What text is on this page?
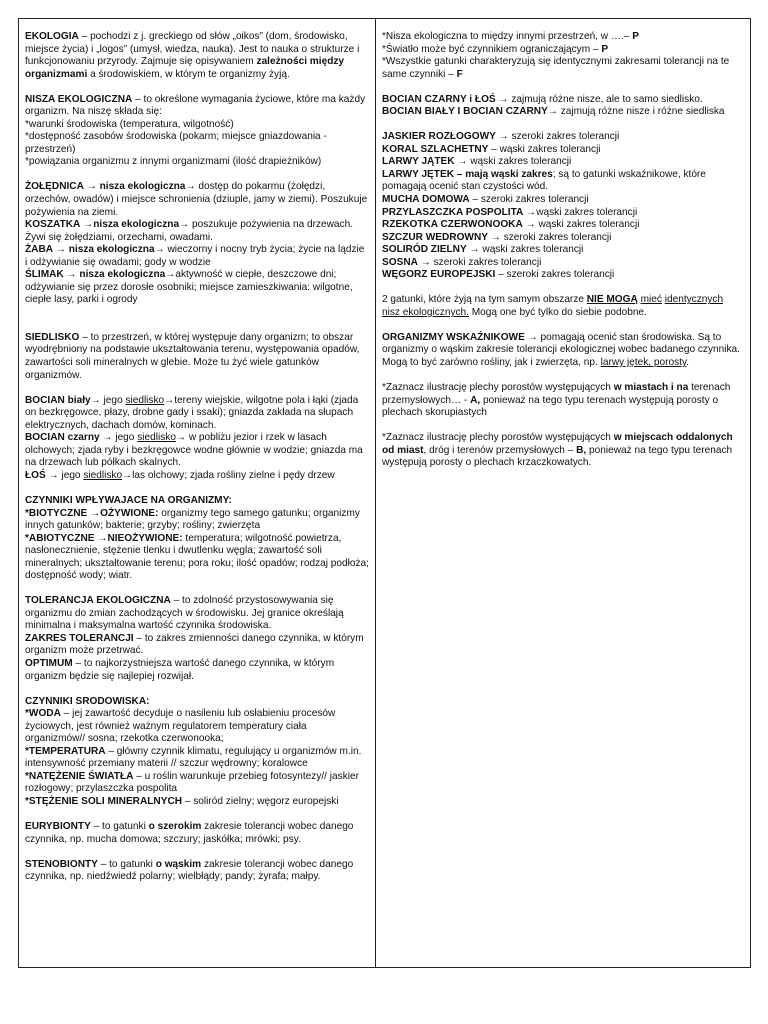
EKOLOGIA – pochodzi z j. greckiego od słów „oikos” (dom, środowisko, miejsce życia) i „logos” (umysł, wiedza, nauka). Jest to nauka o strukturze i funkcjonowaniu przyrody. Zajmuje się opisywaniem zależności między organizmami a środowiskiem, w którym te organizmy żyją.

NISZA EKOLOGICZNA – to określone wymagania życiowe, które ma każdy organizm. Na niszę składa się:

*warunki środowiska (temperatura, wilgotność)

*dostępność zasobów środowiska (pokarm; miejsce gniazdowania - przestrzeń)

*powiązania organizmu z innymi organizmami (ilość drapieżników)

ŻOŁĘDNICA → nisza ekologiczna→ dostęp do pokarmu (żołędzi, orzechów, owadów) i miejsce schronienia (dziuple, jamy w ziemi). Poszukuje pożywienia na ziemi.

KOSZATKA →nisza ekologiczna→ poszukuje pożywienia na drzewach. Żywi się żołędziami, orzechami, owadami.

ŻABA → nisza ekologiczna→ wieczorny i nocny tryb życia; życie na lądzie i odżywianie się owadami; gody w wodzie

ŚLIMAK → nisza ekologiczna→aktywność w ciepłe, deszczowe dni; odżywianie się przez dorosłe osobniki; miejsce zamieszkiwania: wilgotne, ciepłe lasy, parki i ogrody

SIEDLISKO – to przestrzeń, w której występuje dany organizm; to obszar wyodrębniony na podstawie ukształtowania terenu, występowania opadów, zawartości soli mineralnych w glebie. Może tu żyć wiele gatunków organizmów.

BOCIAN biały→ jego siedlisko→tereny wiejskie, wilgotne pola i łąki (zjada on bezkręgowce, płazy, drobne gady i ssaki); gniazda zakłada na słupach elektrycznych, dachach domów, kominach.

BOCIAN czarny → jego siedlisko→ w pobliżu jezior i rzek w lasach olchowych; zjada ryby i bezkręgowce wodne głównie w wodzie; gniazda ma na drzewach lub półkach skalnych.

ŁOŚ → jego siedlisko→las olchowy; zjada rośliny zielne i pędy drzew

CZYNNIKI WPŁYWAJACE NA ORGANIZMY:

*BIOTYCZNE →OŻYWIONE: organizmy tego samego gatunku; organizmy innych gatunków; bakterie; grzyby; rośliny; zwierzęta

*ABIOTYCZNE →NIEOŻYWIONE: temperatura; wilgotność powietrza, nasłonecznienie, stężenie tlenku i dwutlenku węgla; zawartość soli mineralnych; ukształtowanie terenu; pora roku; ilość opadów; rodzaj podłoża; dostępność wody; wiatr.

TOLERANCJA EKOLOGICZNA – to zdolność przystosowywania się organizmu do zmian zachodzących w środowisku. Jej granice określają minimalna i maksymalna wartość czynnika środowiska.

ZAKRES TOLERANCJI – to zakres zmienności danego czynnika, w którym organizm może przetrwać.

OPTIMUM – to najkorzystniejsza wartość danego czynnika, w którym organizm będzie się najlepiej rozwijał.

CZYNNIKI SRODOWISKA:

*WODA – jej zawartość decyduje o nasileniu lub osłabieniu procesów życiowych, jest również ważnym regulatorem temperatury ciała organizmów// sosna; rzekotka czerwonooka;

*TEMPERATURA – główny czynnik klimatu, regulujący u organizmów m.in. intensywność przemiany materii // szczur wędrowny; koralowce

*NATĘŻENIE ŚWIATŁA – u roślin warunkuje przebieg fotosyntezy// jaskier rozłogowy; przylaszczka pospolita

*STĘŻENIE SOLI MINERALNYCH – soliród zielny; węgorz europejski

EURYBIONTY – to gatunki o szerokim zakresie tolerancji wobec danego czynnika, np. mucha domowa; szczury; jaskółka; mrówki; psy.

STENOBIONTY – to gatunki o wąskim zakresie tolerancji wobec danego czynnika, np. niedźwiedź polarny; wielbłądy; pandy; żyrafa; małpy.

*Nisza ekologiczna to między innymi przestrzeń, w ….– P

*Światło może być czynnikiem ograniczającym – P

*Wszystkie gatunki charakteryzują się identycznymi zakresami tolerancji na te same czynniki – F

BOCIAN CZARNY i ŁOŚ → zajmują różne nisze, ale to samo siedlisko.

BOCIAN BIAŁY I BOCIAN CZARNY→ zajmują różne nisze i różne siedliska

JASKIER ROZŁOGOWY → szeroki zakres tolerancji

KORAL SZLACHETNY – wąski zakres tolerancji

LARWY JĄTEK → wąski zakres tolerancji

LARWY JĘTEK – mają wąski zakres; są to gatunki wskaźnikowe, które pomagają ocenić stan czystości wód.

MUCHA DOMOWA – szeroki zakres tolerancji

PRZYLASZCZKA POSPOLITA →wąski zakres tolerancji

RZEKOTKA CZERWONOOKA → wąski zakres tolerancji

SZCZUR WEDROWNY → szeroki zakres tolerancji

SOLIRÓD ZIELNY → wąski zakres tolerancji

SOSNA → szeroki zakres tolerancji

WĘGORZ EUROPEJSKI – szeroki zakres tolerancji

2 gatunki, które żyją na tym samym obszarze NIE MOGĄ mieć identycznych nisz ekologicznych. Mogą one być tylko do siebie podobne.

ORGANIZMY WSKAŹNIKOWE → pomagają ocenić stan środowiska. Są to organizmy o wąskim zakresie tolerancji ekologicznej wobec badanego czynnika. Mogą to być zarówno rośliny, jak i zwierzęta, np. larwy jętek, porosty.

*Zaznacz ilustrację plechy porostów występujących w miastach i na terenach przemysłowych… - A, ponieważ na tego typu terenach występują porosty o plechach skorupiastych

*Zaznacz ilustrację plechy porostów występujących w miejscach oddalonych od miast, dróg i terenów przemysłowych – B, ponieważ na tego typu terenach występują porosty o plechach krzaczkowatych.
